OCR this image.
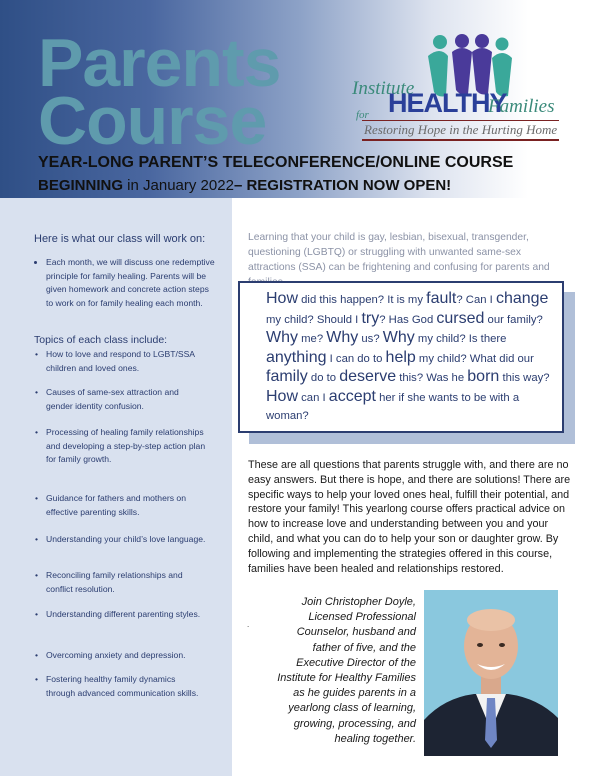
Parents
Course	Institute
HEALTHY
Families
for
Restoring Hope in the Hurting Home
YEAR-LONG PARENT’S TELECONFERENCE/ONLINE COURSE
BEGINNING in January 2022– REGISTRATION NOW OPEN!
Here is what our class will work on:
• Each month, we will discuss one redemptive principle for family healing. Parents will be given homework and concrete action steps to work on for family healing each month.
Topics of each class include:
• How to love and respond to LGBT/SSA children and loved ones.
• Causes of same-sex attraction and gender identity confusion.
• Processing of healing family relationships and developing a step-by-step action plan for family growth.
• Guidance for fathers and mothers on effective parenting skills.
• Understanding your child’s love language.
• Reconciling family relationships and conflict resolution.
• Understanding different parenting styles.
• Overcoming anxiety and depression.
• Fostering healthy family dynamics through advanced communication skills.
Learning that your child is gay, lesbian, bisexual, transgender, questioning (LGBTQ) or struggling with unwanted same-sex attractions (SSA) can be frightening and confusing for parents and
How did this happen? It is my fault? Can I change my child? Should I try? Has God cursed our family? Why me? Why us? Why my child? Is there anything I can do to help my child? What did our family do to deserve this? Was he born this way? How can I accept her if she wants to be with a woman?
These are all questions that parents struggle with, and there are no easy answers. But there is hope, and there are solutions! There are specific ways to help your loved ones heal, fulfill their potential, and restore your family! This yearlong course offers practical advice on how to increase love and understanding between you and your child, and what you can do to help your son or daughter grow. By following and implementing the strategies offered in this course, families have been healed and relationships restored.
.
Join Christopher Doyle, Licensed Professional Counselor, husband and father of five, and the Executive Director of the Institute for Healthy Families as he guides parents in a yearlong class of learning, growing, processing, and healing together.
